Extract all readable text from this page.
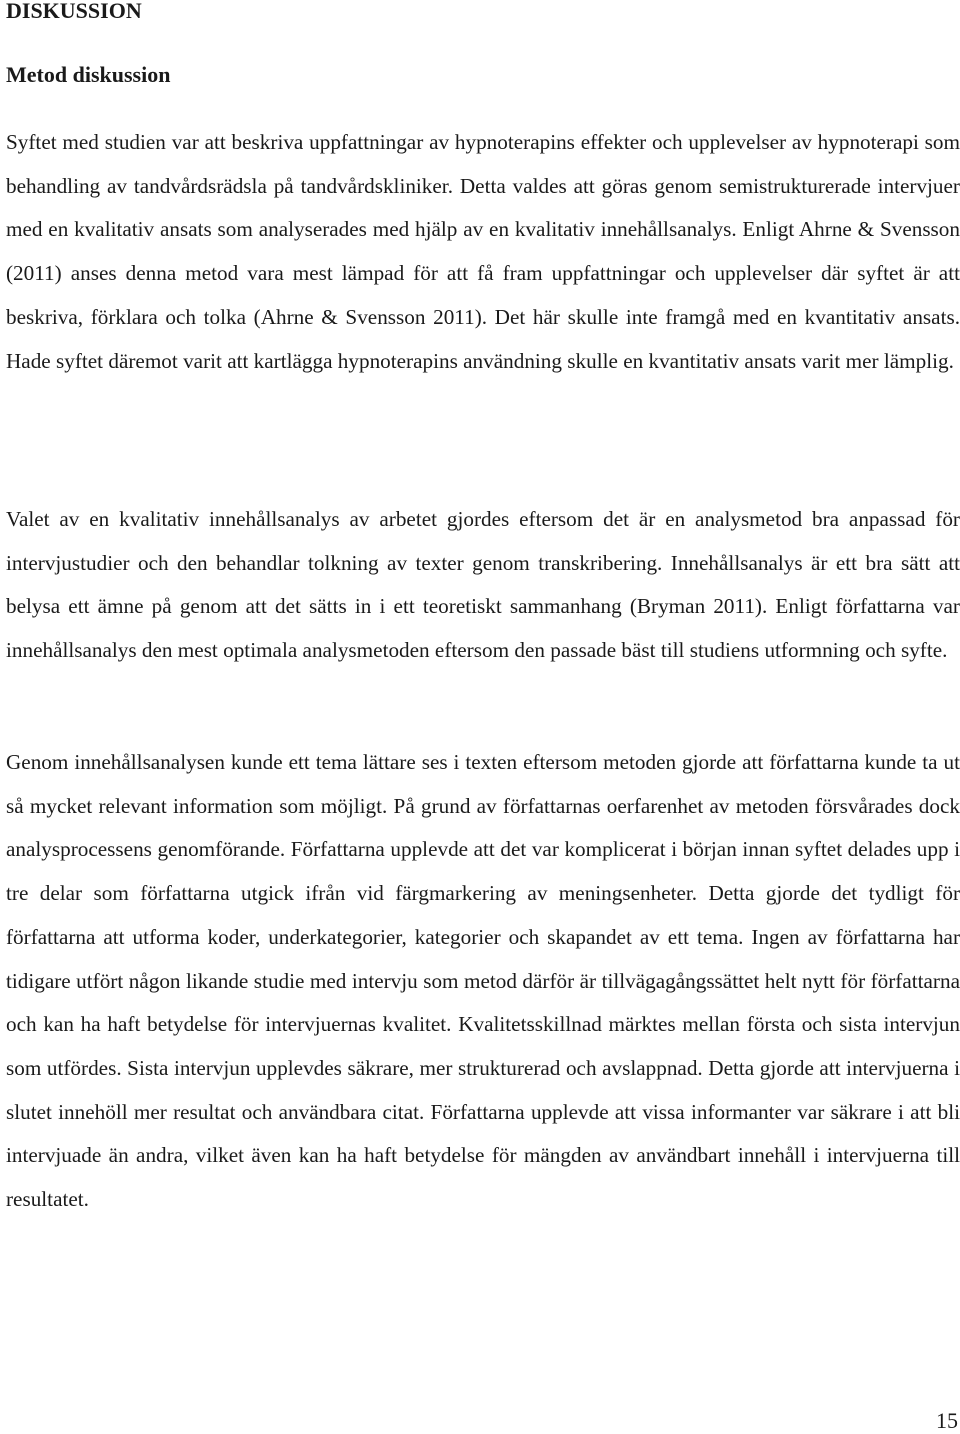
DISKUSSION
Metod diskussion

Syftet med studien var att beskriva uppfattningar av hypnoterapins effekter och upplevelser av hypnoterapi som behandling av tandvårdsrädsla på tandvårdskliniker. Detta valdes att göras genom semistrukturerade intervjuer med en kvalitativ ansats som analyserades med hjälp av en kvalitativ innehållsanalys. Enligt Ahrne & Svensson (2011) anses denna metod vara mest lämpad för att få fram uppfattningar och upplevelser där syftet är att beskriva, förklara och tolka (Ahrne & Svensson 2011). Det här skulle inte framgå med en kvantitativ ansats. Hade syftet däremot varit att kartlägga hypnoterapins användning skulle en kvantitativ ansats varit mer lämplig.

Valet av en kvalitativ innehållsanalys av arbetet gjordes eftersom det är en analysmetod bra anpassad för intervjustudier och den behandlar tolkning av texter genom transkribering. Innehållsanalys är ett bra sätt att belysa ett ämne på genom att det sätts in i ett teoretiskt sammanhang (Bryman 2011). Enligt författarna var innehållsanalys den mest optimala analysmetoden eftersom den passade bäst till studiens utformning och syfte.

Genom innehållsanalysen kunde ett tema lättare ses i texten eftersom metoden gjorde att författarna kunde ta ut så mycket relevant information som möjligt. På grund av författarnas oerfarenhet av metoden försvårades dock analysprocessens genomförande. Författarna upplevde att det var komplicerat i början innan syftet delades upp i tre delar som författarna utgick ifrån vid färgmarkering av meningsenheter. Detta gjorde det tydligt för författarna att utforma koder, underkategorier, kategorier och skapandet av ett tema. Ingen av författarna har tidigare utfört någon likande studie med intervju som metod därför är tillvägagångssättet helt nytt för författarna och kan ha haft betydelse för intervjuernas kvalitet. Kvalitetsskillnad märktes mellan första och sista intervjun som utfördes. Sista intervjun upplevdes säkrare, mer strukturerad och avslappnad. Detta gjorde att intervjuerna i slutet innehöll mer resultat och användbara citat. Författarna upplevde att vissa informanter var säkrare i att bli intervjuade än andra, vilket även kan ha haft betydelse för mängden av användbart innehåll i intervjuerna till resultatet.

15
